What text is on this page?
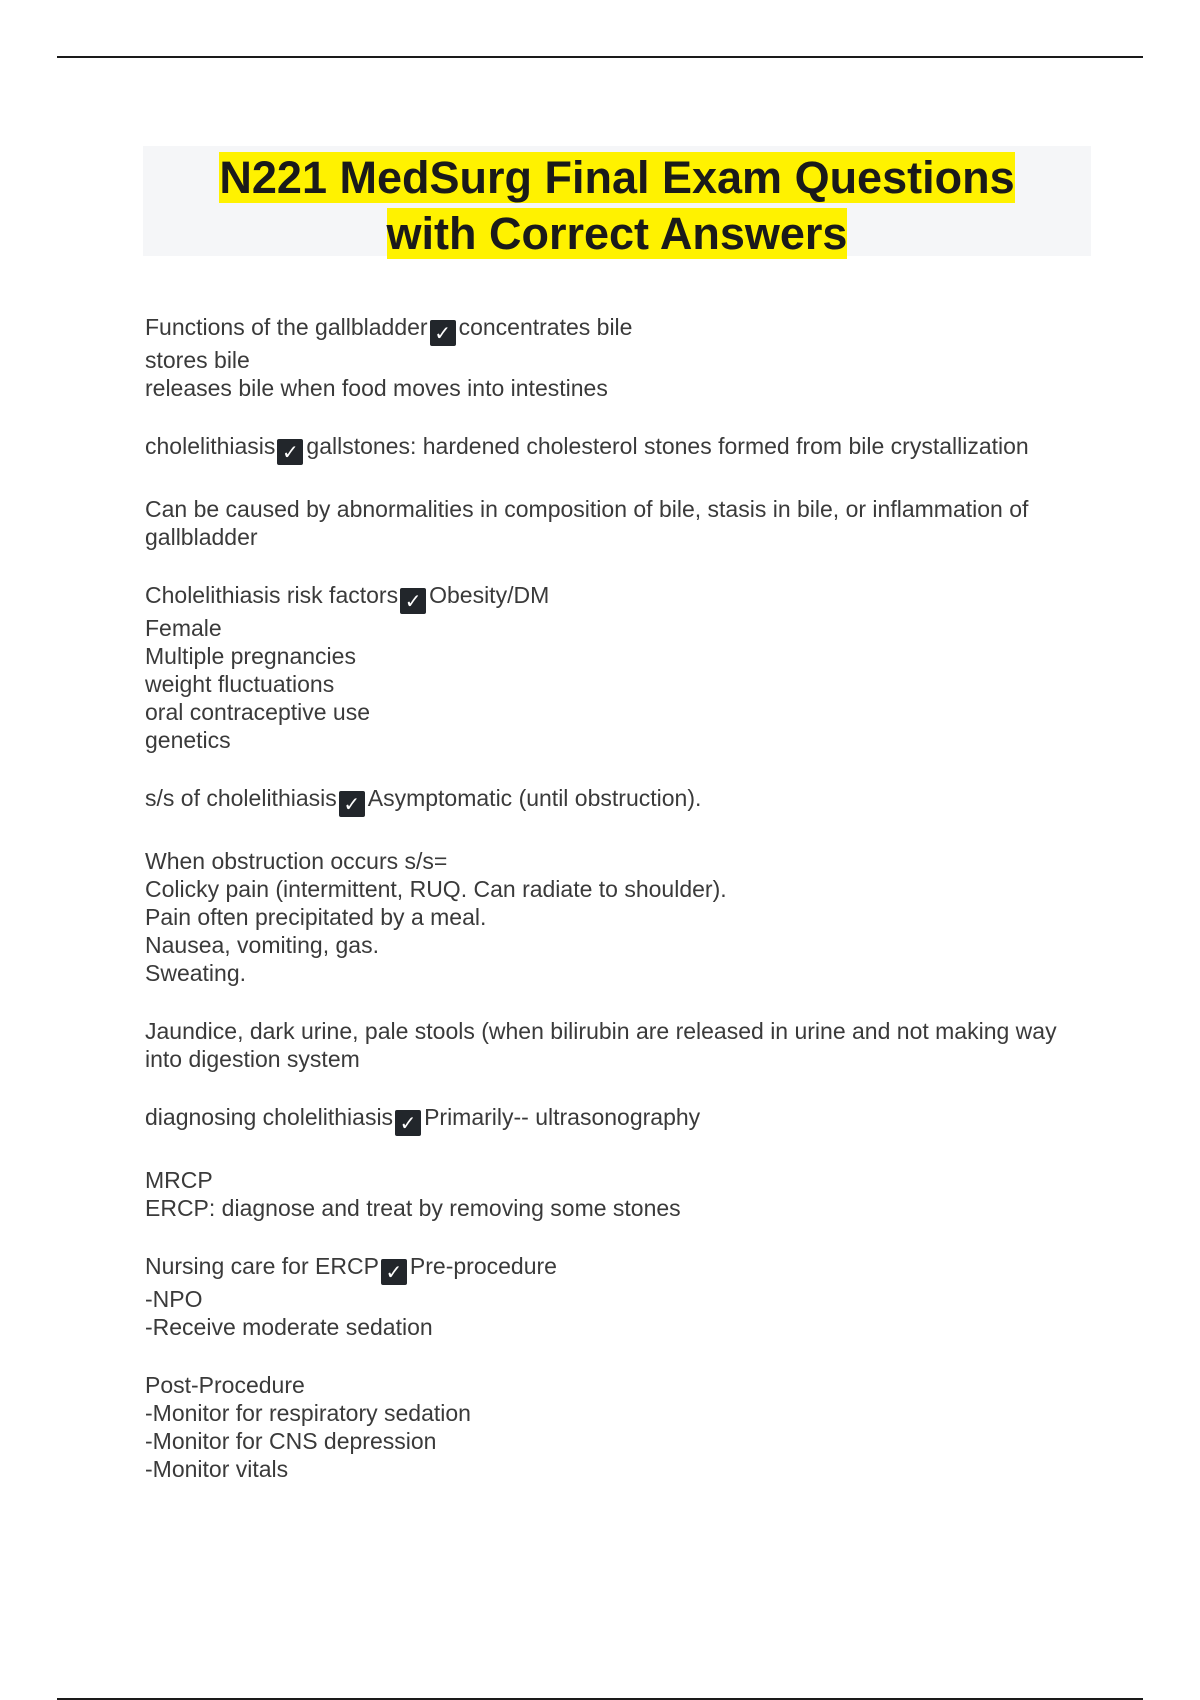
N221 MedSurg Final Exam Questions
with Correct Answers
Functions of the gallbladder ✓ concentrates bile
stores bile
releases bile when food moves into intestines
cholelithiasis ✓ gallstones: hardened cholesterol stones formed from bile crystallization
Can be caused by abnormalities in composition of bile, stasis in bile, or inflammation of gallbladder
Cholelithiasis risk factors ✓ Obesity/DM
Female
Multiple pregnancies
weight fluctuations
oral contraceptive use
genetics
s/s of cholelithiasis ✓ Asymptomatic (until obstruction).
When obstruction occurs s/s=
Colicky pain (intermittent, RUQ. Can radiate to shoulder).
Pain often precipitated by a meal.
Nausea, vomiting, gas.
Sweating.
Jaundice, dark urine, pale stools (when bilirubin are released in urine and not making way into digestion system
diagnosing cholelithiasis ✓ Primarily-- ultrasonography
MRCP
ERCP: diagnose and treat by removing some stones
Nursing care for ERCP ✓ Pre-procedure
-NPO
-Receive moderate sedation
Post-Procedure
-Monitor for respiratory sedation
-Monitor for CNS depression
-Monitor vitals
